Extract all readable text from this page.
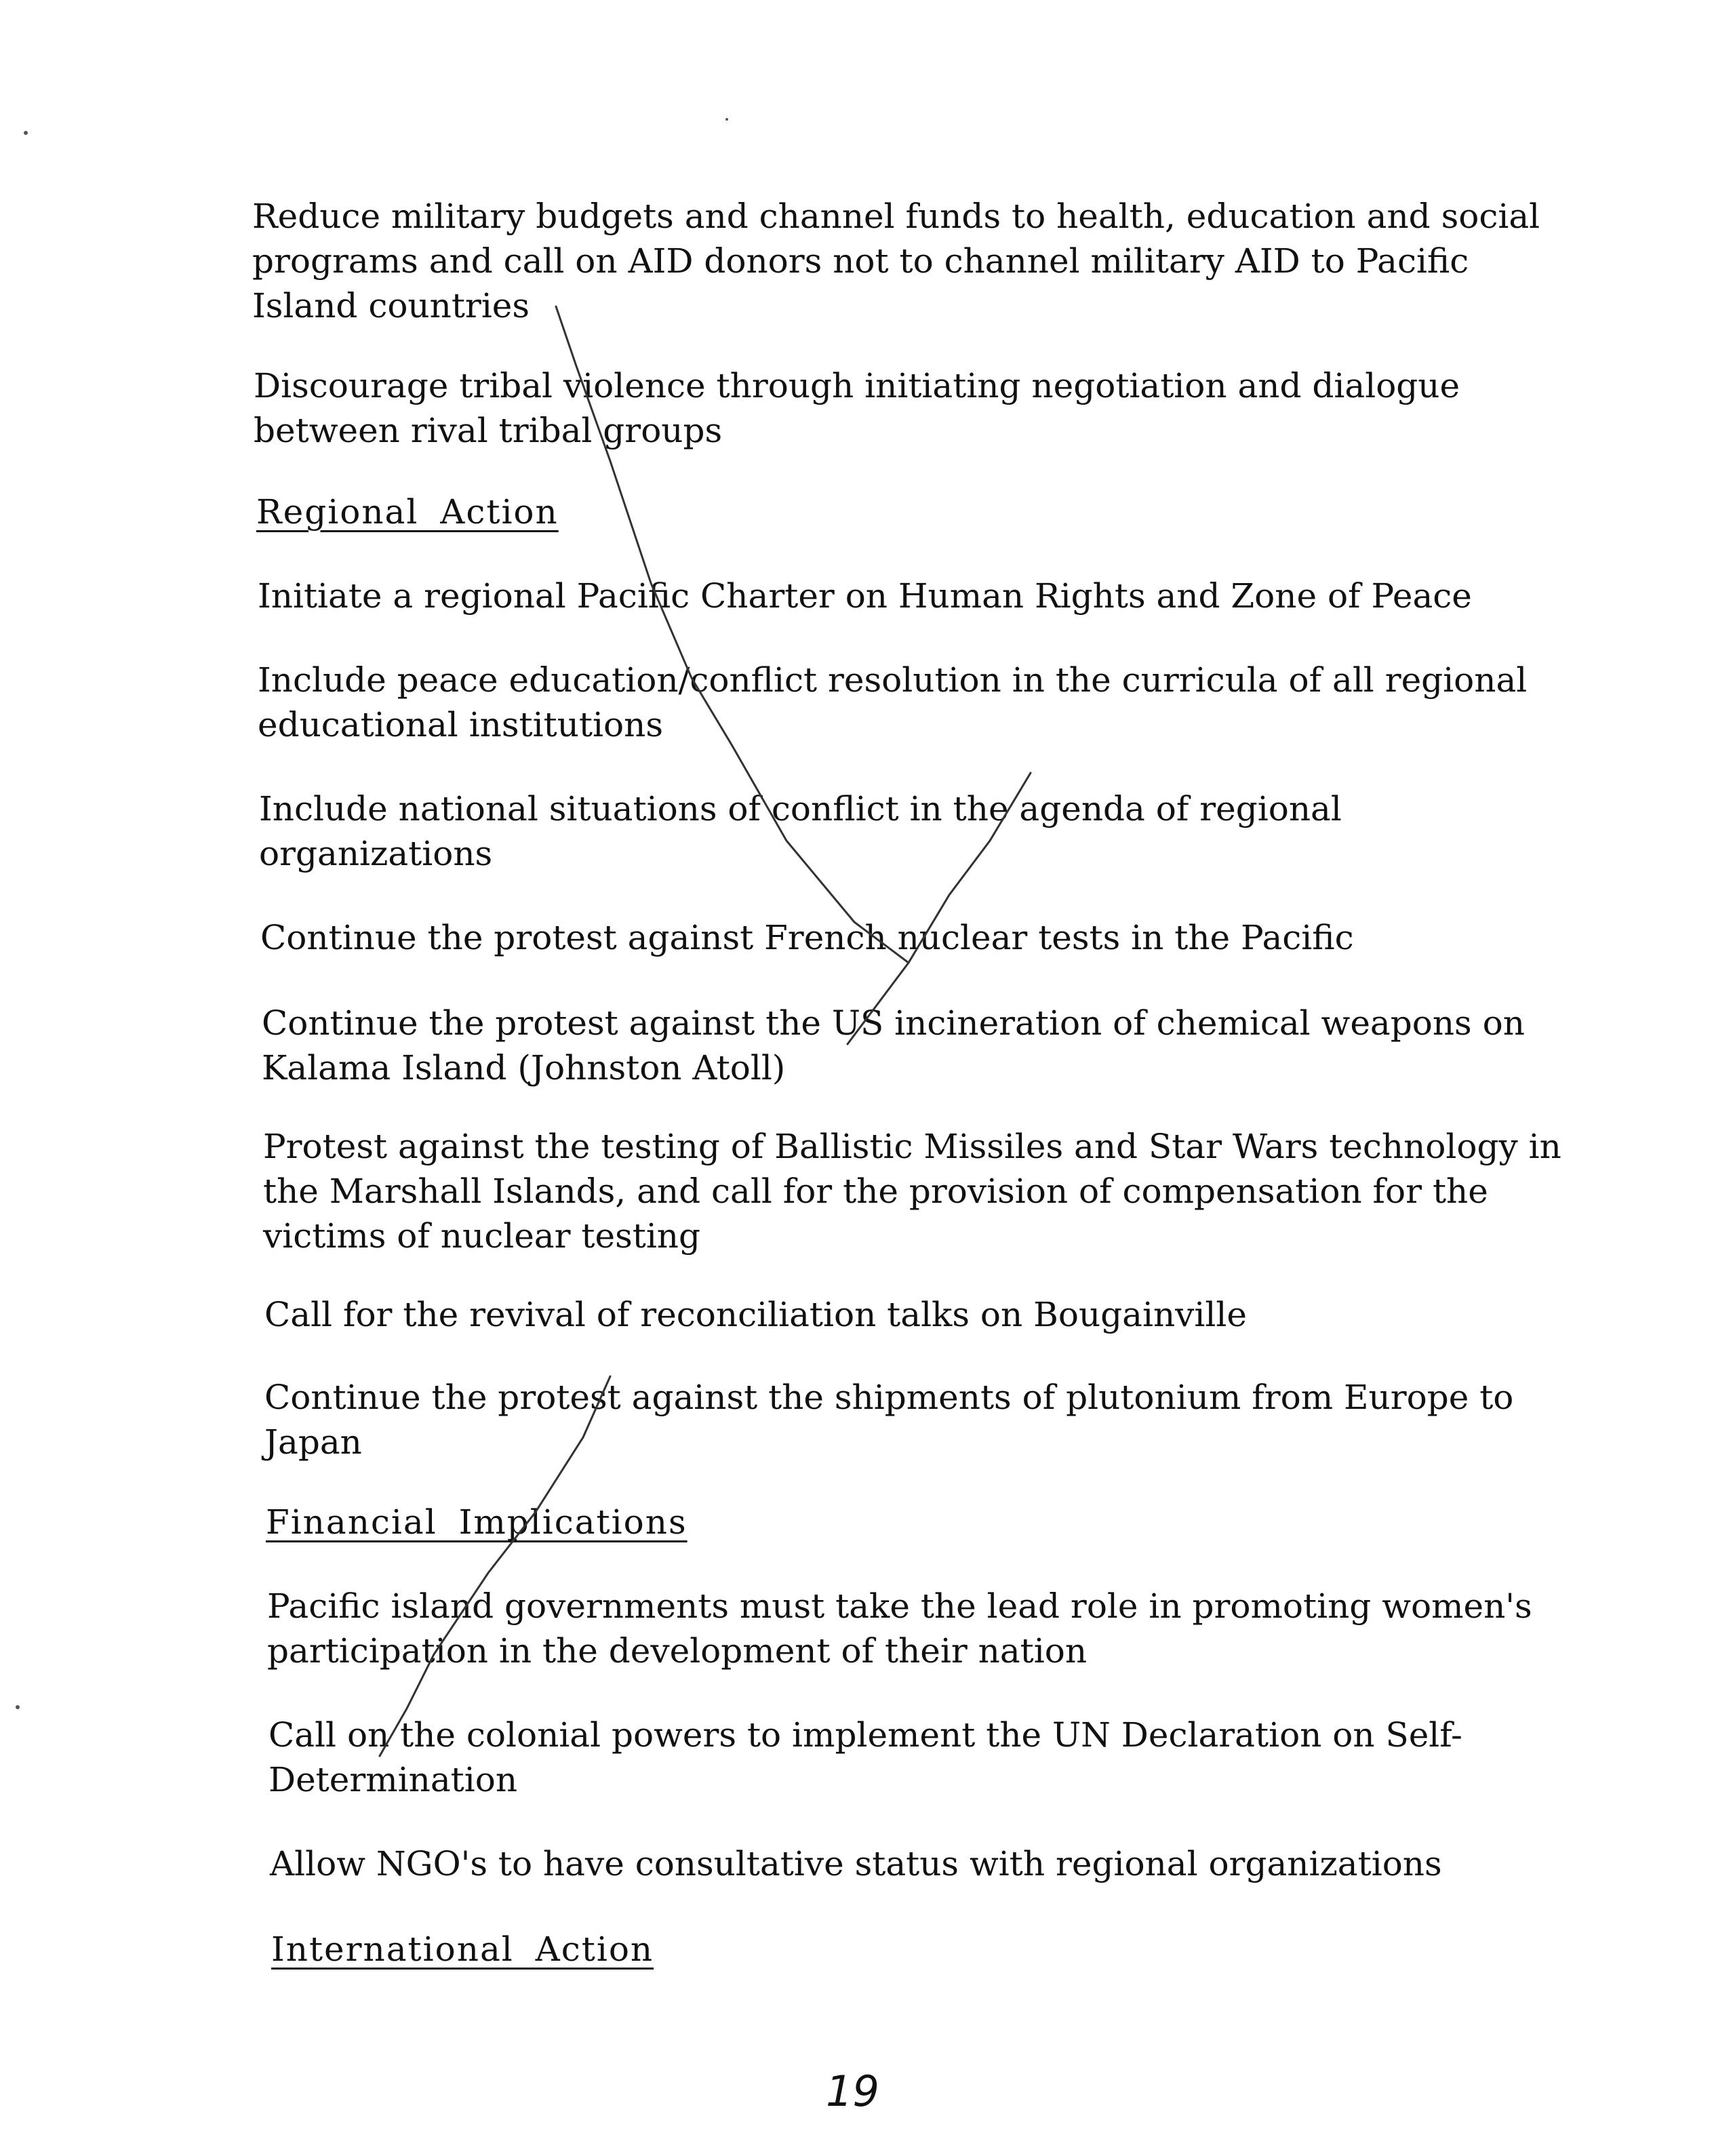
Reduce military budgets and channel funds to health, education and social
programs and call on AID donors not to channel military AID to Pacific
Island countries
Discourage tribal violence through initiating negotiation and dialogue
between rival tribal groups
Regional Action
Initiate a regional Pacific Charter on Human Rights and Zone of Peace
Include peace education/conflict resolution in the curricula of all regional
educational institutions
Include national situations of conflict in the agenda of regional
organizations
Continue the protest against French nuclear tests in the Pacific
Continue the protest against the US incineration of chemical weapons on
Kalama Island (Johnston Atoll)
Protest against the testing of Ballistic Missiles and Star Wars technology in
the Marshall Islands, and call for the provision of compensation for the
victims of nuclear testing
Call for the revival of reconciliation talks on Bougainville
Continue the protest against the shipments of plutonium from Europe to
Japan
Financial Implications
Pacific island governments must take the lead role in promoting women's
participation in the development of their nation
Call on the colonial powers to implement the UN Declaration on Self-
Determination
Allow NGO's to have consultative status with regional organizations
International Action
19
